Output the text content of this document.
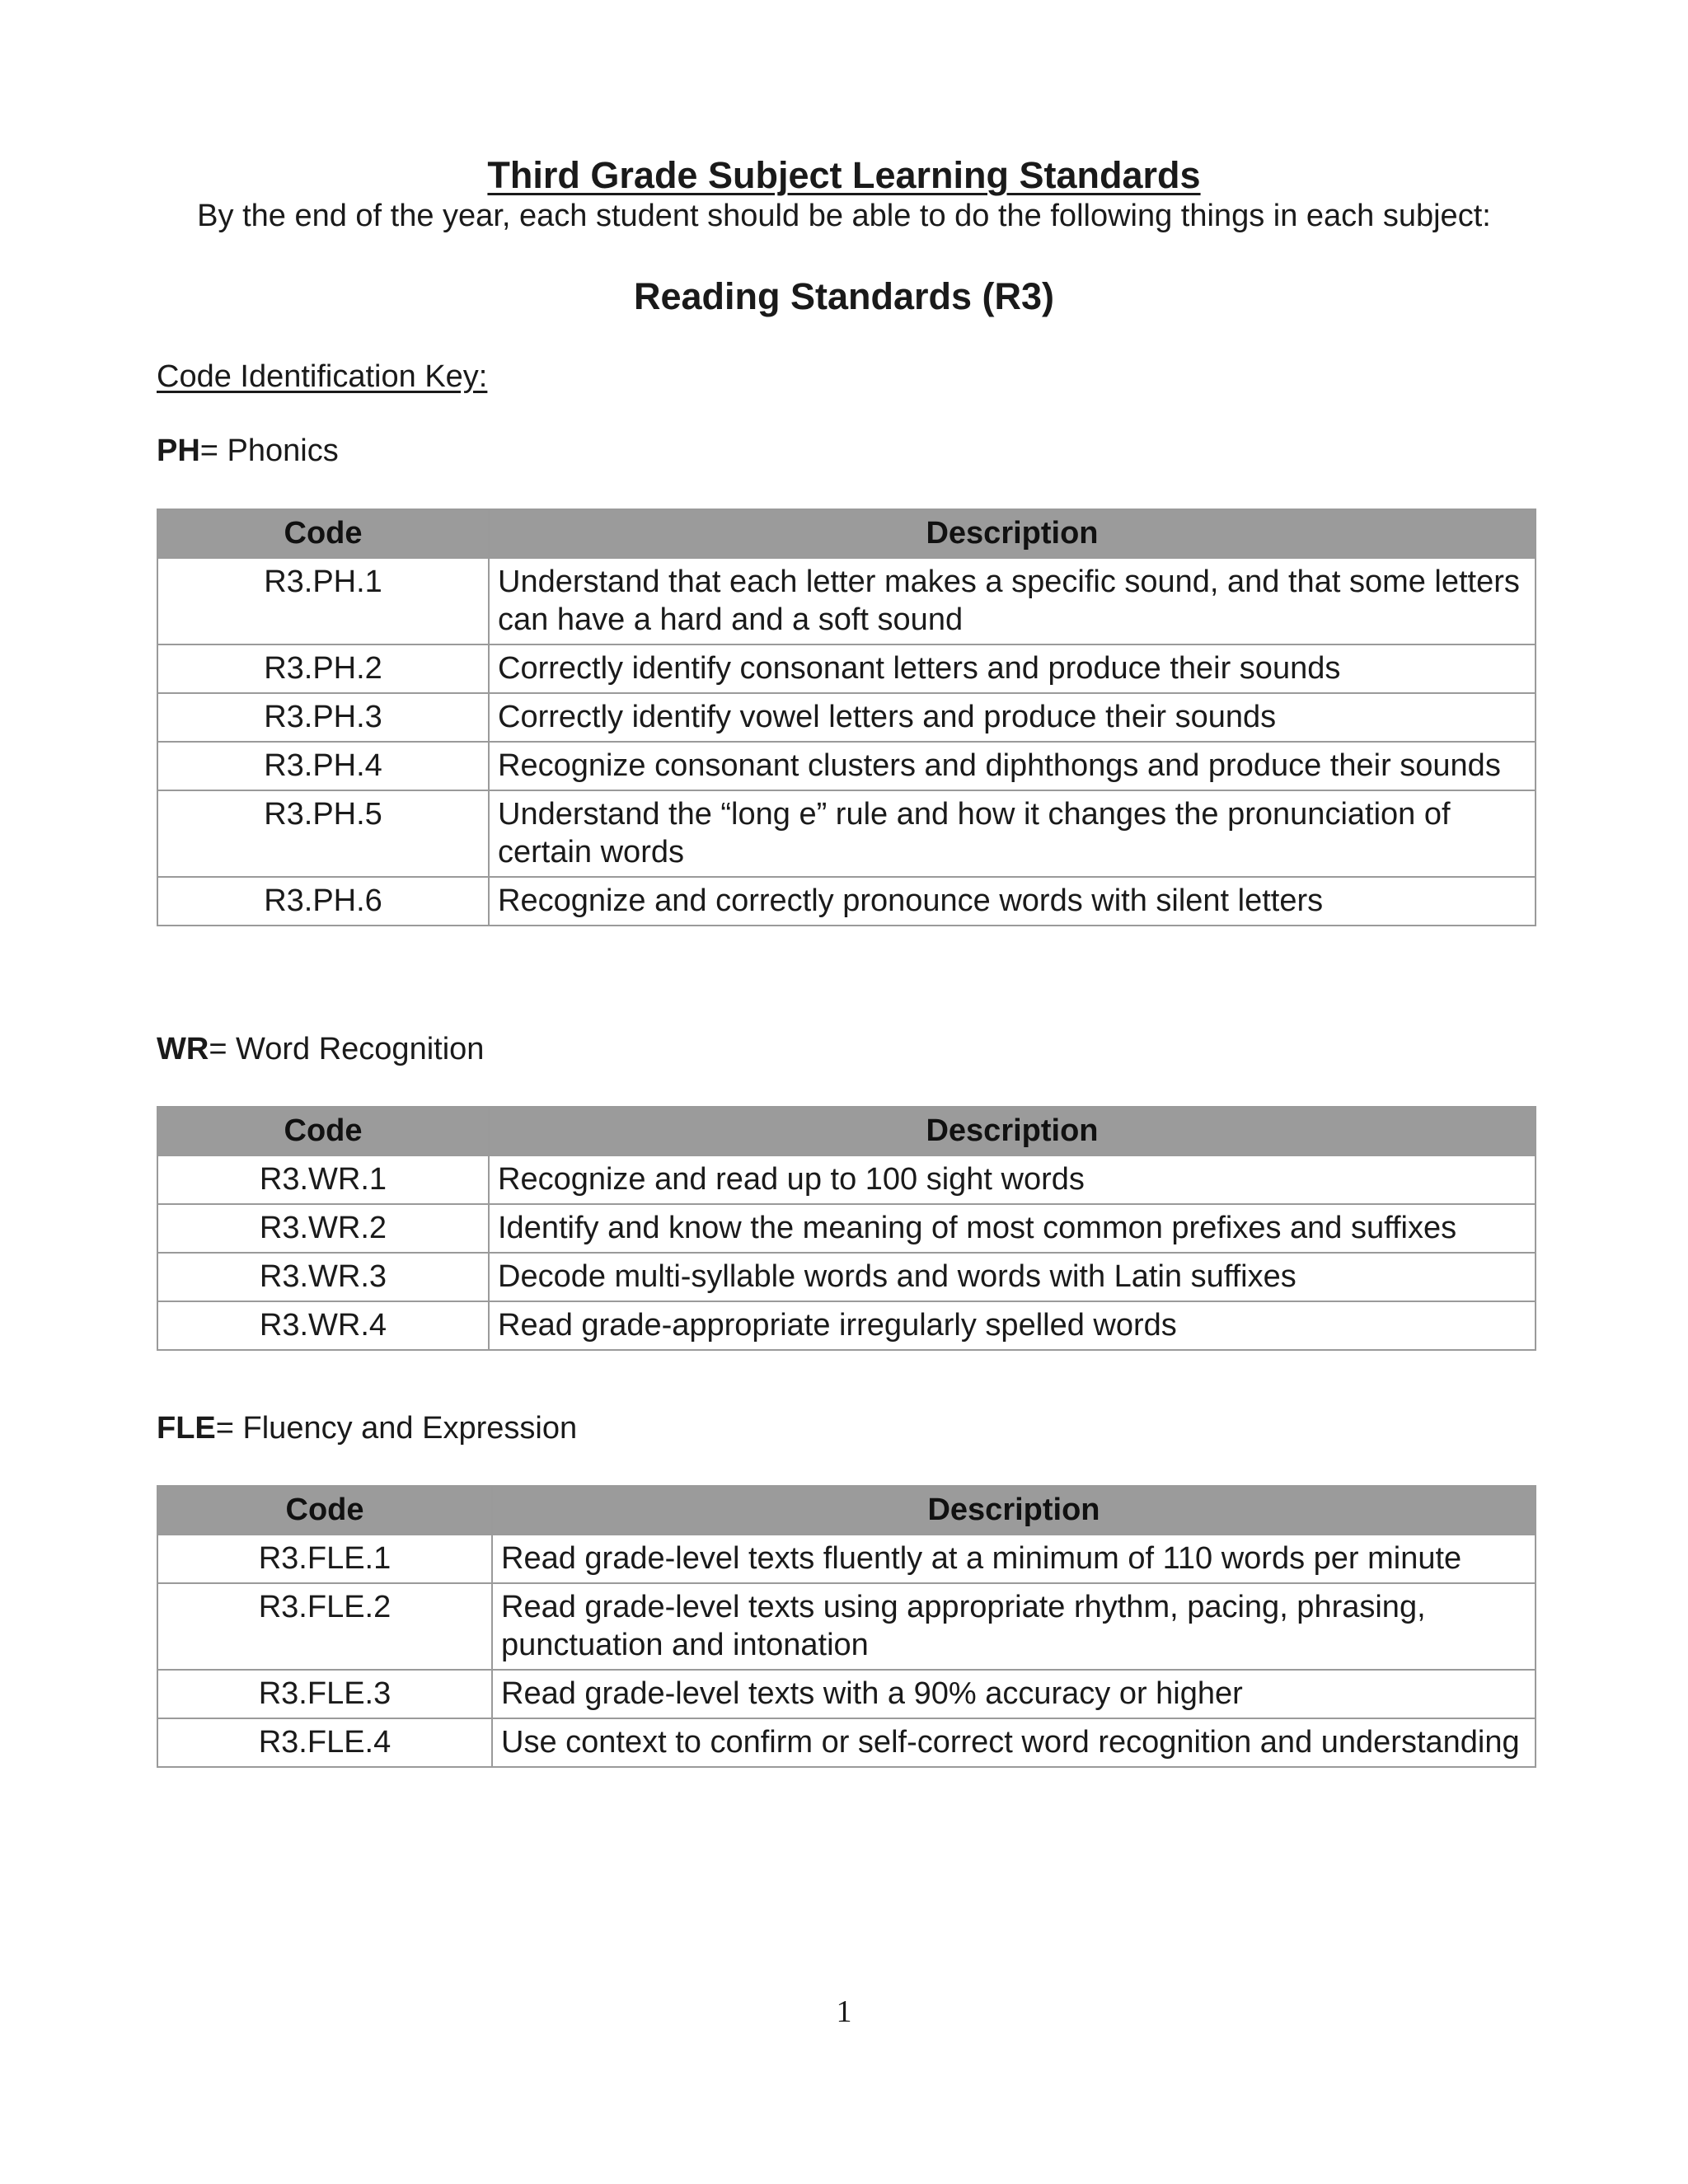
Third Grade Subject Learning Standards
By the end of the year, each student should be able to do the following things in each subject:
Reading Standards (R3)
Code Identification Key:
PH= Phonics
Code	Description
R3.PH.1	Understand that each letter makes a specific sound, and that some letters can have a hard and a soft sound
R3.PH.2	Correctly identify consonant letters and produce their sounds
R3.PH.3	Correctly identify vowel letters and produce their sounds
R3.PH.4	Recognize consonant clusters and diphthongs and produce their sounds
R3.PH.5	Understand the “long e” rule and how it changes the pronunciation of certain words
R3.PH.6	Recognize and correctly pronounce words with silent letters
WR= Word Recognition
Code	Description
R3.WR.1	Recognize and read up to 100 sight words
R3.WR.2	Identify and know the meaning of most common prefixes and suffixes
R3.WR.3	Decode multi-syllable words and words with Latin suffixes
R3.WR.4	Read grade-appropriate irregularly spelled words
FLE= Fluency and Expression
Code	Description
R3.FLE.1	Read grade-level texts fluently at a minimum of 110 words per minute
R3.FLE.2	Read grade-level texts using appropriate rhythm, pacing, phrasing, punctuation and intonation
R3.FLE.3	Read grade-level texts with a 90% accuracy or higher
R3.FLE.4	Use context to confirm or self-correct word recognition and understanding
1
